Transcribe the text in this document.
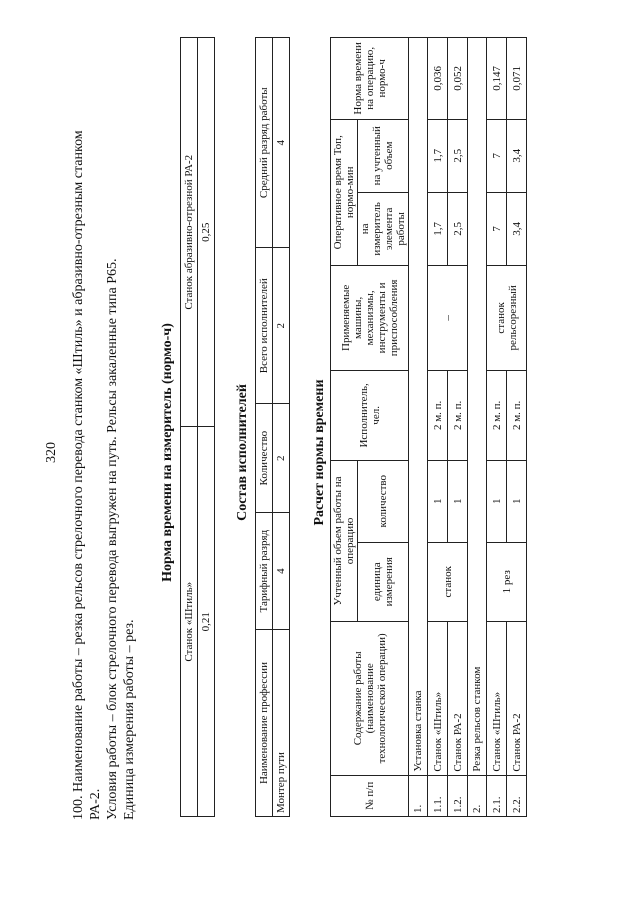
320 100. Наименование работы – резка рельсов стрелочного перевода станком «Штиль» и абразивно-отрезным станком РА-2. Условия работы – блок стрелочного перевода выгружен на путь. Рельсы закаленные типа Р65. Единица измерения работы – рез.

Норма времени на измеритель (нормо-ч)
Станок «Штиль»	Станок абразивно-отрезной РА-2
0,21	0,25
Состав исполнителей
Наименование профессии	Тарифный разряд	Количество	Всего исполнителей	Средний разряд работы
Монтер пути	4	2	2	4
Расчет нормы времени
№ п/п	Содержание работы (наименование технологической операции)	Учтенный объем работы на операцию		Исполнитель, чел.	Применяемые машины, механизмы, инструменты и приспособления	Оперативное время Топ, нормо-мин		Норма времени на операцию, нормо-ч
		единица измерения	количество			на измеритель элемента работы	на учтенный объем	
1.	Установка станка							
1.1.	Станок «Штиль»	станок	1	2 м. п.	–	1,7	1,7	0,036
1.2.	Станок РА-2		1	2 м. п.		2,5	2,5	0,052
2.	Резка рельсов станком							
2.1.	Станок «Штиль»	1 рез	1	2 м. п.	станок рельсорезный	7	7	0,147
2.2.	Станок РА-2		1	2 м. п.		3,4	3,4	0,071
